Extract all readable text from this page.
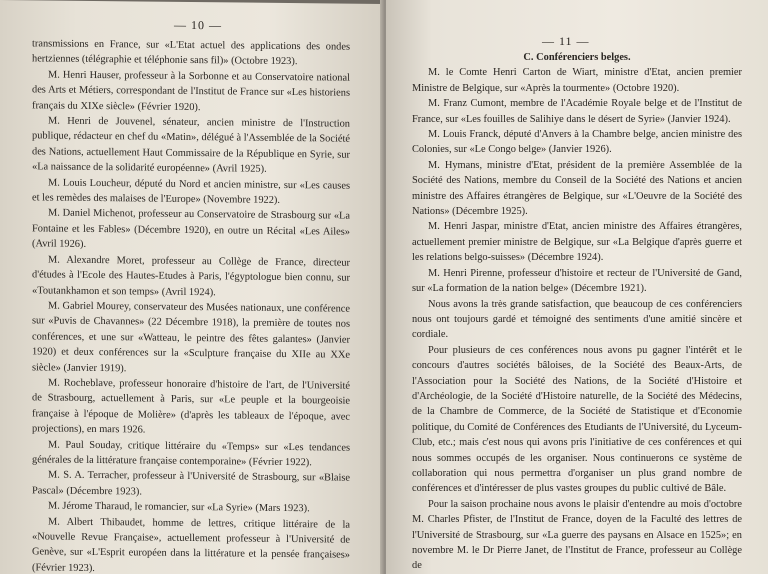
— 10 —

transmissions en France, sur «L'Etat actuel des applications des ondes hertziennes (télégraphie et téléphonie sans fil)» (Octobre 1923).

M. Henri Hauser, professeur à la Sorbonne et au Conservatoire national des Arts et Métiers, correspondant de l'Institut de France sur «Les historiens français du XIXe siècle» (Février 1920).

M. Henri de Jouvenel, sénateur, ancien ministre de l'Instruction publique, rédacteur en chef du «Matin», délégué à l'Assemblée de la Société des Nations, actuellement Haut Commissaire de la République en Syrie, sur «La naissance de la solidarité européenne» (Avril 1925).

M. Louis Loucheur, député du Nord et ancien ministre, sur «Les causes et les remèdes des malaises de l'Europe» (Novembre 1922).

M. Daniel Michenot, professeur au Conservatoire de Strasbourg sur «La Fontaine et les Fables» (Décembre 1920), en outre un Récital «Les Ailes» (Avril 1926).

M. Alexandre Moret, professeur au Collège de France, directeur d'études à l'Ecole des Hautes-Etudes à Paris, l'égyptologue bien connu, sur «Toutankhamon et son temps» (Avril 1924).

M. Gabriel Mourey, conservateur des Musées nationaux, une conférence sur «Puvis de Chavannes» (22 Décembre 1918), la première de toutes nos conférences, et une sur «Watteau, le peintre des fêtes galantes» (Janvier 1920) et deux conférences sur la «Sculpture française du XIIe au XXe siècle» (Janvier 1919).

M. Rocheblave, professeur honoraire d'histoire de l'art, de l'Université de Strasbourg, actuellement à Paris, sur «Le peuple et la bourgeoisie française à l'époque de Molière» (d'après les tableaux de l'époque, avec projections), en mars 1926.

M. Paul Souday, critique littéraire du «Temps» sur «Les tendances générales de la littérature française contemporaine» (Février 1922).

M. S. A. Terracher, professeur à l'Université de Strasbourg, sur «Blaise Pascal» (Décembre 1923).

M. Jérome Tharaud, le romancier, sur «La Syrie» (Mars 1923).

M. Albert Thibaudet, homme de lettres, critique littéraire de la «Nouvelle Revue Française», actuellement professeur à l'Université de Genève, sur «L'Esprit européen dans la littérature et la pensée françaises» (Février 1923).

— 11 —

C. Conférenciers belges.

M. le Comte Henri Carton de Wiart, ministre d'Etat, ancien premier Ministre de Belgique, sur «Après la tourmente» (Octobre 1920).

M. Franz Cumont, membre de l'Académie Royale belge et de l'Institut de France, sur «Les fouilles de Salihiye dans le désert de Syrie» (Janvier 1924).

M. Louis Franck, député d'Anvers à la Chambre belge, ancien ministre des Colonies, sur «Le Congo belge» (Janvier 1926).

M. Hymans, ministre d'Etat, président de la première Assemblée de la Société des Nations, membre du Conseil de la Société des Nations et ancien ministre des Affaires étrangères de Belgique, sur «L'Oeuvre de la Société des Nations» (Décembre 1925).

M. Henri Jaspar, ministre d'Etat, ancien ministre des Affaires étrangères, actuellement premier ministre de Belgique, sur «La Belgique d'après guerre et les relations belgo-suisses» (Décembre 1924).

M. Henri Pirenne, professeur d'histoire et recteur de l'Université de Gand, sur «La formation de la nation belge» (Décembre 1921).

Nous avons la très grande satisfaction, que beaucoup de ces conférenciers nous ont toujours gardé et témoigné des sentiments d'une amitié sincère et cordiale.

Pour plusieurs de ces conférences nous avons pu gagner l'intérêt et le concours d'autres sociétés bâloises, de la Société des Beaux-Arts, de l'Association pour la Société des Nations, de la Société d'Histoire et d'Archéologie, de la Société d'Histoire naturelle, de la Société des Médecins, de la Chambre de Commerce, de la Société de Statistique et d'Economie politique, du Comité de Conférences des Etudiants de l'Université, du Lyceum-Club, etc.; mais c'est nous qui avons pris l'initiative de ces conférences et qui nous sommes occupés de les organiser. Nous continuerons ce système de collaboration qui nous permettra d'organiser un plus grand nombre de conférences et d'intéresser de plus vastes groupes du public cultivé de Bâle.

Pour la saison prochaine nous avons le plaisir d'entendre au mois d'octobre M. Charles Pfister, de l'Institut de France, doyen de la Faculté des lettres de l'Université de Strasbourg, sur «La guerre des paysans en Alsace en 1525»; en novembre M. le Dr Pierre Janet, de l'Institut de France, professeur au Collège de
